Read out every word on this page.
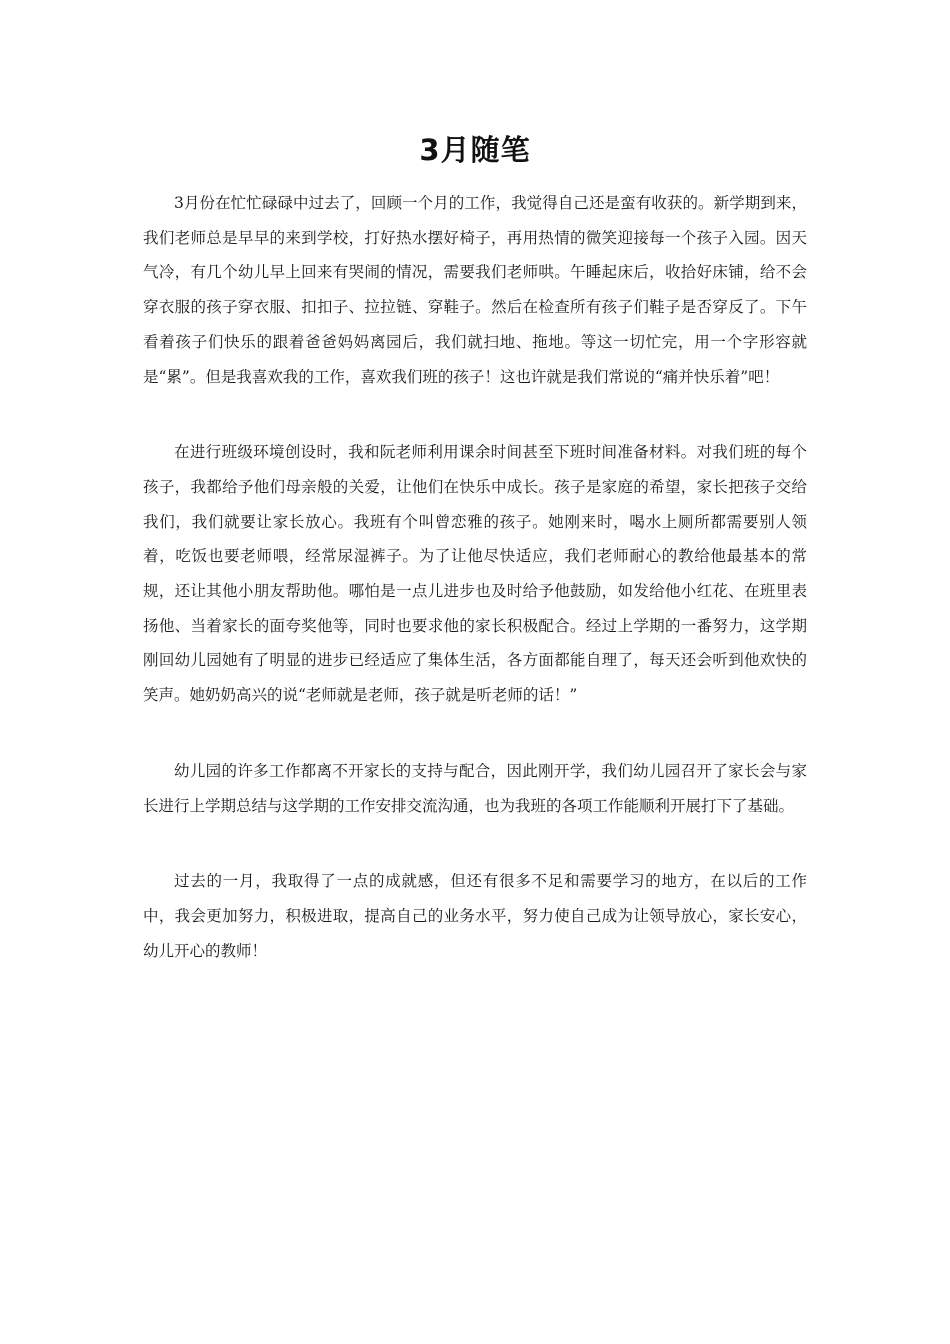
3月随笔

3月份在忙忙碌碌中过去了，回顾一个月的工作，我觉得自己还是蛮有收获的。新学期到来，我们老师总是早早的来到学校，打好热水摆好椅子，再用热情的微笑迎接每一个孩子入园。因天气冷，有几个幼儿早上回来有哭闹的情况，需要我们老师哄。午睡起床后，收拾好床铺，给不会穿衣服的孩子穿衣服、扣扣子、拉拉链、穿鞋子。然后在检查所有孩子们鞋子是否穿反了。下午看着孩子们快乐的跟着爸爸妈妈离园后，我们就扫地、拖地。等这一切忙完，用一个字形容就是“累”。但是我喜欢我的工作，喜欢我们班的孩子！这也许就是我们常说的“痛并快乐着”吧！

在进行班级环境创设时，我和阮老师利用课余时间甚至下班时间准备材料。对我们班的每个孩子，我都给予他们母亲般的关爱，让他们在快乐中成长。孩子是家庭的希望，家长把孩子交给我们，我们就要让家长放心。我班有个叫曾恋雅的孩子。她刚来时，喝水上厕所都需要别人领着，吃饭也要老师喂，经常尿湿裤子。为了让他尽快适应，我们老师耐心的教给他最基本的常规，还让其他小朋友帮助他。哪怕是一点儿进步也及时给予他鼓励，如发给他小红花、在班里表扬他、当着家长的面夸奖他等，同时也要求他的家长积极配合。经过上学期的一番努力，这学期刚回幼儿园她有了明显的进步已经适应了集体生活，各方面都能自理了，每天还会听到他欢快的笑声。她奶奶高兴的说“老师就是老师，孩子就是听老师的话！”

幼儿园的许多工作都离不开家长的支持与配合，因此刚开学，我们幼儿园召开了家长会与家长进行上学期总结与这学期的工作安排交流沟通，也为我班的各项工作能顺利开展打下了基础。

过去的一月，我取得了一点的成就感，但还有很多不足和需要学习的地方，在以后的工作中，我会更加努力，积极进取，提高自己的业务水平，努力使自己成为让领导放心，家长安心，幼儿开心的教师！
